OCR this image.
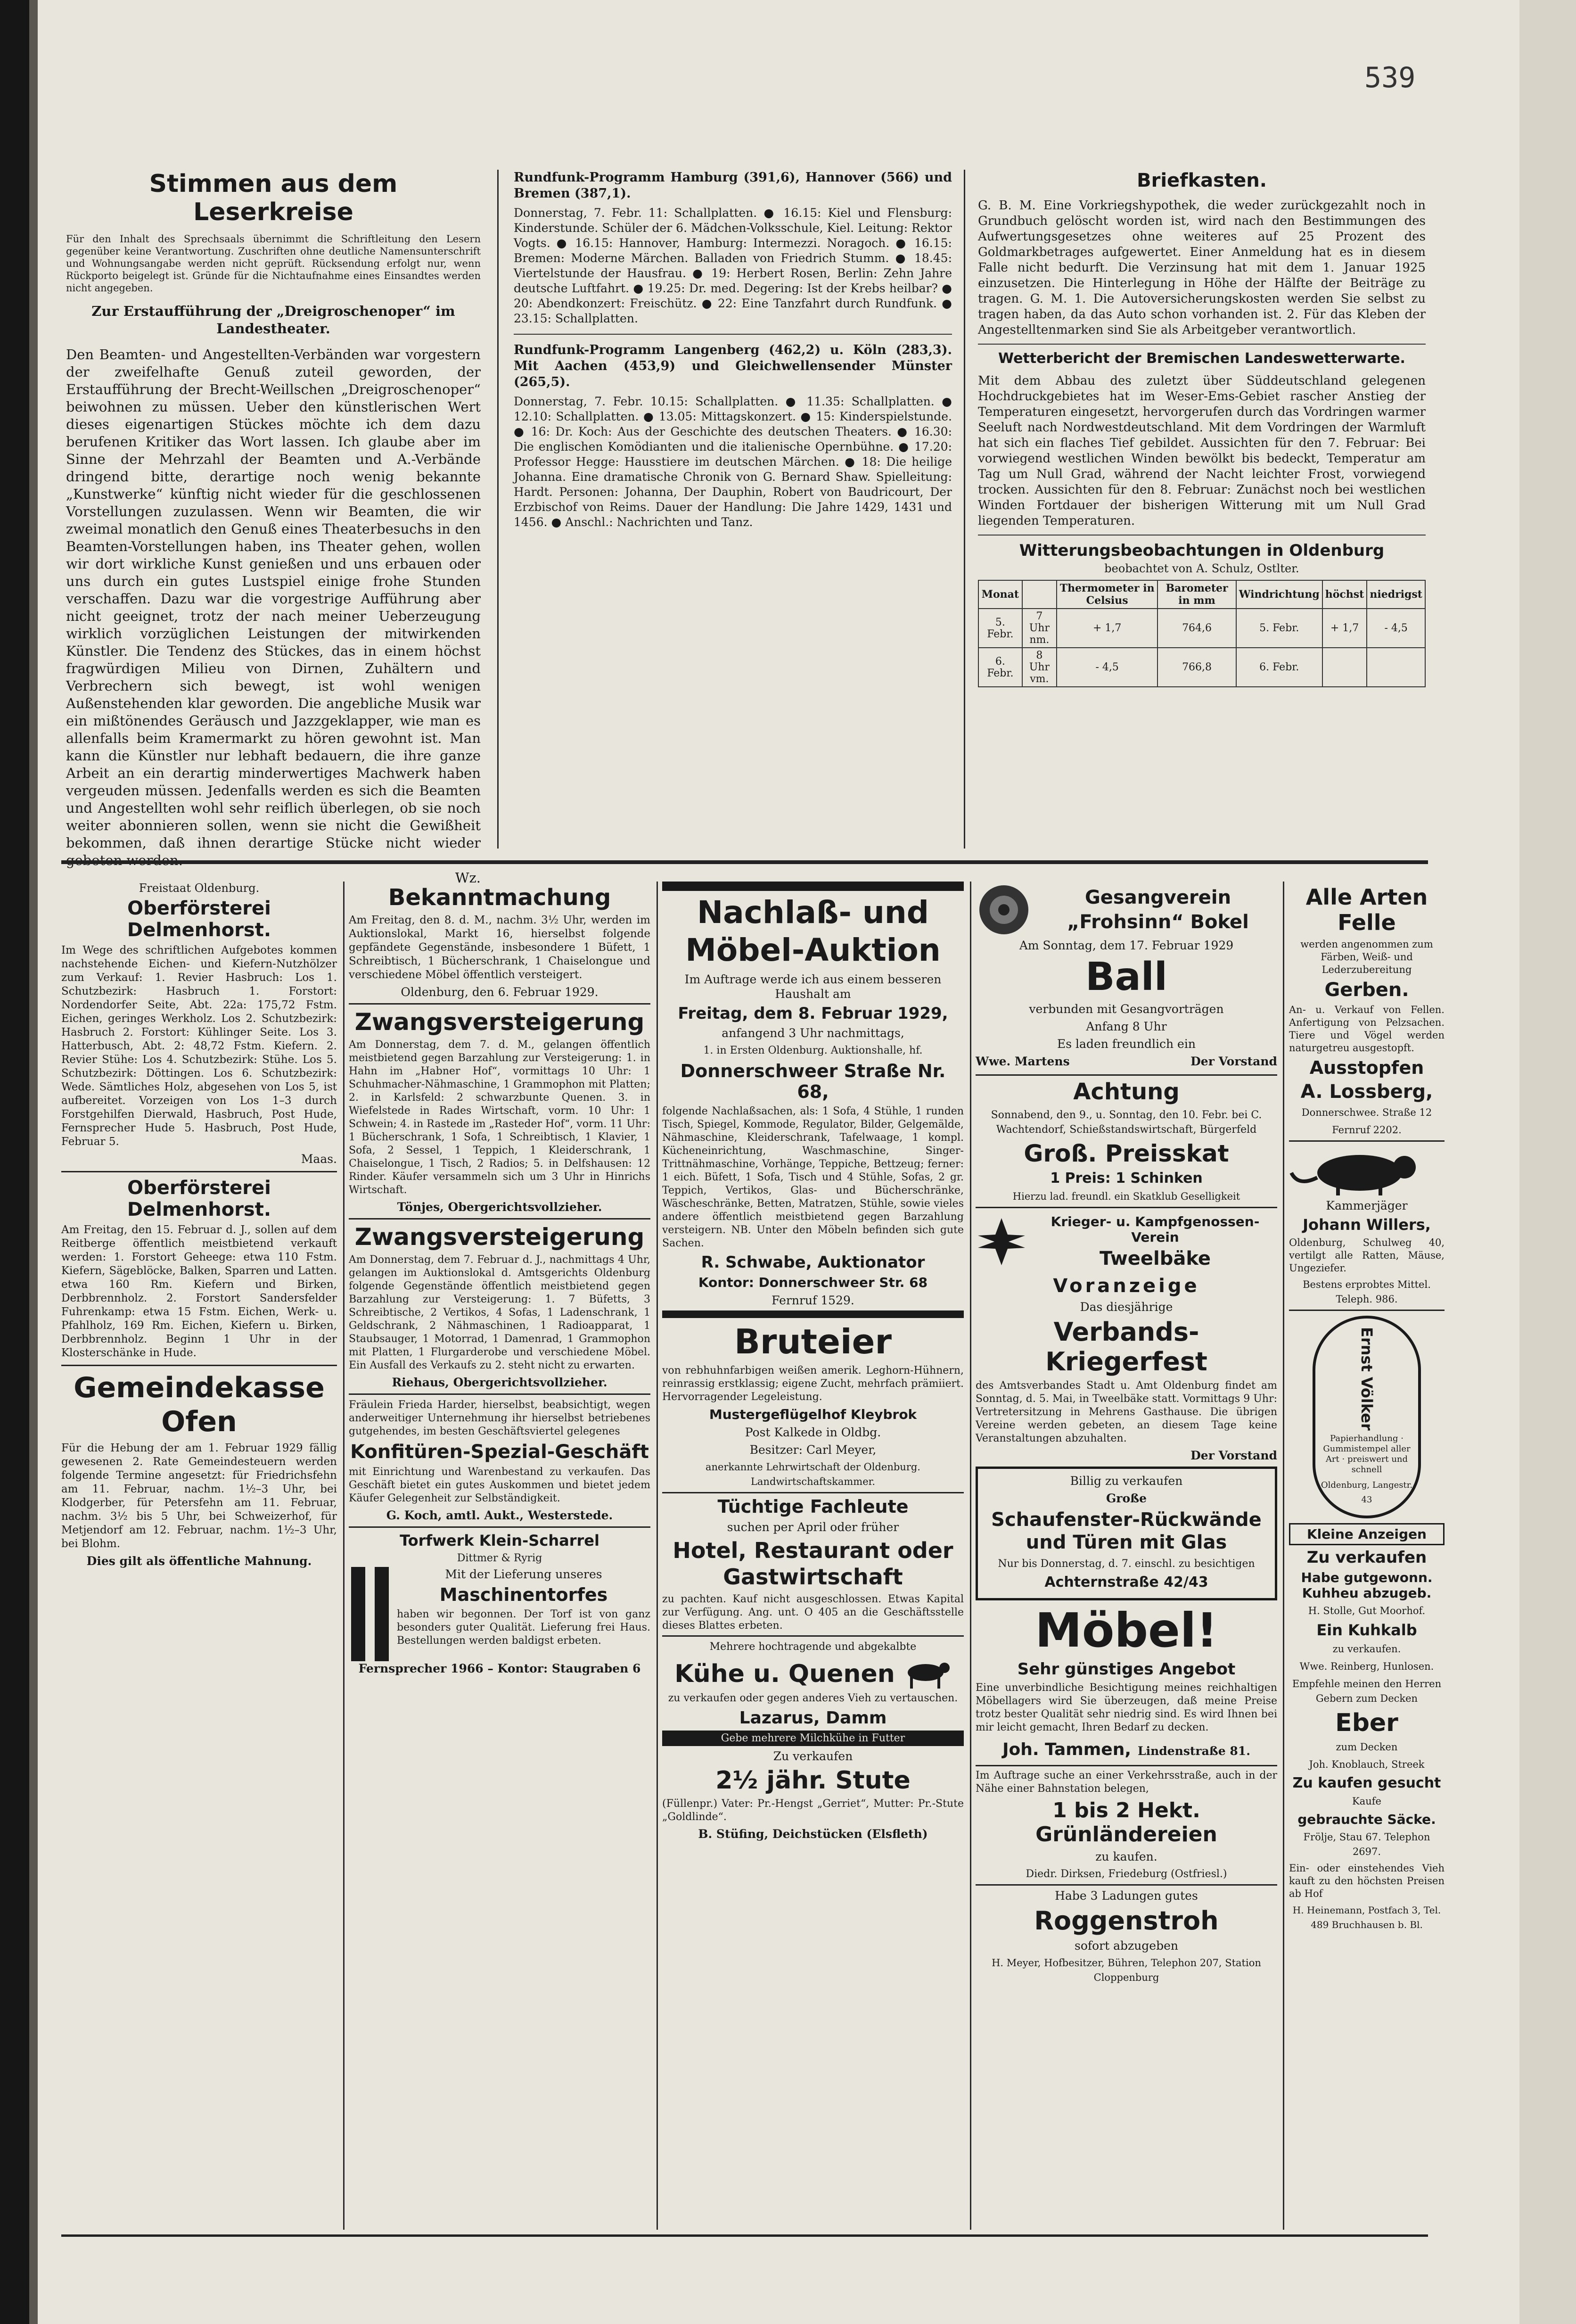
539
Stimmen aus dem Leserkreise

Für den Inhalt des Sprechsaals übernimmt die Schriftleitung den Lesern gegenüber keine Verantwortung. Zuschriften ohne deutliche Namensunterschrift und Wohnungsangabe werden nicht geprüft. Rücksendung erfolgt nur, wenn Rückporto beigelegt ist. Gründe für die Nichtaufnahme eines Einsandtes werden nicht angegeben.

Zur Erstaufführung der „Dreigroschenoper“ im Landestheater.

Den Beamten- und Angestellten-Verbänden war vorgestern der zweifelhafte Genuß zuteil geworden, der Erstaufführung der Brecht-Weillschen „Dreigroschenoper“ beiwohnen zu müssen. Ueber den künstlerischen Wert dieses eigenartigen Stückes möchte ich dem dazu berufenen Kritiker das Wort lassen. Ich glaube aber im Sinne der Mehrzahl der Beamten und A.-Verbände dringend bitte, derartige noch wenig bekannte „Kunstwerke“ künftig nicht wieder für die geschlossenen Vorstellungen zuzulassen. Wenn wir Beamten, die wir zweimal monatlich den Genuß eines Theaterbesuchs in den Beamten-Vorstellungen haben, ins Theater gehen, wollen wir dort wirkliche Kunst genießen und uns erbauen oder uns durch ein gutes Lustspiel einige frohe Stunden verschaffen. Dazu war die vorgestrige Aufführung aber nicht geeignet, trotz der nach meiner Ueberzeugung wirklich vorzüglichen Leistungen der mitwirkenden Künstler. Die Tendenz des Stückes, das in einem höchst fragwürdigen Milieu von Dirnen, Zuhältern und Verbrechern sich bewegt, ist wohl wenigen Außenstehenden klar geworden. Die angebliche Musik war ein mißtönendes Geräusch und Jazzgeklapper, wie man es allenfalls beim Kramermarkt zu hören gewohnt ist. Man kann die Künstler nur lebhaft bedauern, die ihre ganze Arbeit an ein derartig minderwertiges Machwerk haben vergeuden müssen. Jedenfalls werden es sich die Beamten und Angestellten wohl sehr reiflich überlegen, ob sie noch weiter abonnieren sollen, wenn sie nicht die Gewißheit bekommen, daß ihnen derartige Stücke nicht wieder

Wz.

Rundfunk-Programm Hamburg (391,6), Hannover (566) und Bremen (387,1).

Donnerstag, 7. Febr. 11: Schallplatten. ● 16.15: Kiel und Flensburg: Kinderstunde. Schüler der 6. Mädchen-Volksschule, Kiel. Leitung: Rektor Vogts. ● 16.15: Hannover, Hamburg: Intermezzi. Noragoch. ● 16.15: Bremen: Moderne Märchen. Balladen von Friedrich Stumm. ● 18.45: Viertelstunde der Hausfrau. ● 19: Herbert Rosen, Berlin: Zehn Jahre deutsche Luftfahrt. ● 19.25: Dr. med. Degering: Ist der Krebs heilbar? ● 20: Abendkonzert: Freischütz. ● 22: Eine Tanzfahrt durch Rundfunk. ● 23.15: Schallplatten.

Rundfunk-Programm Langenberg (462,2) u. Köln (283,3). Mit Aachen (453,9) und Gleichwellensender Münster (265,5).

Donnerstag, 7. Febr. 10.15: Schallplatten. ● 11.35: Schallplatten. ● 12.10: Schallplatten. ● 13.05: Mittagskonzert. ● 15: Kinderspielstunde. ● 16: Dr. Koch: Aus der Geschichte des deutschen Theaters. ● 16.30: Die englischen Komödianten und die italienische Opernbühne. ● 17.20: Professor Hegge: Hausstiere im deutschen Märchen. ● 18: Die heilige Johanna. Eine dramatische Chronik von G. Bernard Shaw. Spielleitung: Hardt. Personen: Johanna, Der Dauphin, Robert von Baudricourt, Der Erzbischof von Reims. Dauer der Handlung: Die Jahre 1429, 1431 und 1456. ● Anschl.: Nachrichten und Tanz.

Briefkasten.

G. B. M. Eine Vorkriegshypothek, die weder zurückgezahlt noch in Grundbuch gelöscht worden ist, wird nach den Bestimmungen des Aufwertungsgesetzes ohne weiteres auf 25 Prozent des Goldmarkbetrages aufgewertet. Einer Anmeldung hat es in diesem Falle nicht bedurft. Die Verzinsung hat mit dem 1. Januar 1925 einzusetzen. Die Hinterlegung in Höhe der Hälfte der Beiträge zu tragen. G. M. 1. Die Autoversicherungskosten werden Sie selbst zu tragen haben, da das Auto schon vorhanden ist. 2. Für das Kleben der Angestelltenmarken sind Sie als Arbeitgeber verantwortlich.

Wetterbericht der Bremischen Landeswetterwarte.

Mit dem Abbau des zuletzt über Süddeutschland gelegenen Hochdruckgebietes hat im Weser-Ems-Gebiet rascher Anstieg der Temperaturen eingesetzt, hervorgerufen durch das Vordringen warmer Seeluft nach Nordwestdeutschland. Mit dem Vordringen der Warmluft hat sich ein flaches Tief gebildet. Aussichten für den 7. Februar: Bei vorwiegend westlichen Winden bewölkt bis bedeckt, Temperatur am Tag um Null Grad, während der Nacht leichter Frost, vorwiegend trocken. Aussichten für den 8. Februar: Zunächst noch bei westlichen Winden Fortdauer der bisherigen Witterung mit um Null Grad liegenden Temperaturen.

Witterungsbeobachtungen in Oldenburg
beobachtet von A. Schulz, Ostlter.
Monat		Thermometer in Celsius	Barometer in mm	Windrichtung	höchst	niedrigst
5. Febr.	7 Uhr nm.	+ 1,7	764,6	5. Febr.	+ 1,7	- 4,5
6. Febr.	8 Uhr vm.	- 4,5	766,8	6. Febr.		
Freistaat Oldenburg.
Oberförsterei Delmenhorst.

Im Wege des schriftlichen Aufgebotes kommen nachstehende Eichen- und Kiefern-Nutzhölzer zum Verkauf: 1. Revier Hasbruch: Los 1. Schutzbezirk: Hasbruch 1. Forstort: Nordendorfer Seite, Abt. 22a: 175,72 Fstm. Eichen, geringes Werkholz. Los 2. Schutzbezirk: Hasbruch 2. Forstort: Kühlinger Seite. Los 3. Hatterbusch, Abt. 2: 48,72 Fstm. Kiefern. 2. Revier Stühe: Los 4. Schutzbezirk: Stühe. Los 5. Schutzbezirk: Döttingen. Los 6. Schutzbezirk: Wede. Sämtliches Holz, abgesehen von Los 5, ist aufbereitet. Vorzeigen von Los 1–3 durch Forstgehilfen Dierwald, Hasbruch, Post Hude, Fernsprecher Hude 5. Hasbruch, Post Hude, Februar 5.

Maas.

Oberförsterei Delmenhorst.

Am Freitag, den 15. Februar d. J., sollen auf dem Reitberge öffentlich meistbietend verkauft werden: 1. Forstort Geheege: etwa 110 Fstm. Kiefern, Sägeblöcke, Balken, Sparren und Latten. etwa 160 Rm. Kiefern und Birken, Derbbrennholz. 2. Forstort Sandersfelder Fuhrenkamp: etwa 15 Fstm. Eichen, Werk- u. Pfahlholz, 169 Rm. Eichen, Kiefern u. Birken, Derbbrennholz. Beginn 1 Uhr in der Klosterschänke in Hude.

Gemeindekasse Ofen

Für die Hebung der am 1. Februar 1929 fällig gewesenen 2. Rate Gemeindesteuern werden folgende Termine angesetzt: für Friedrichsfehn am 11. Februar, nachm. 1½–3 Uhr, bei Klodgerber, für Petersfehn am 11. Februar, nachm. 3½ bis 5 Uhr, bei Schweizerhof, für Metjendorf am 12. Februar, nachm. 1½–3 Uhr, bei Blohm.

Dies gilt als öffentliche Mahnung.

Bekanntmachung

Am Freitag, den 8. d. M., nachm. 3½ Uhr, werden im Auktionslokal, Markt 16, hierselbst folgende gepfändete Gegenstände, insbesondere 1 Büfett, 1 Schreibtisch, 1 Bücherschrank, 1 Chaiselongue und verschiedene Möbel öffentlich versteigert.

Oldenburg, den 6. Februar 1929.

Zwangsversteigerung

Am Donnerstag, dem 7. d. M., gelangen öffentlich meistbietend gegen Barzahlung zur Versteigerung: 1. in Hahn im „Habner Hof“, vormittags 10 Uhr: 1 Schuhmacher-Nähmaschine, 1 Grammophon mit Platten; 2. in Karlsfeld: 2 schwarzbunte Quenen. 3. in Wiefelstede in Rades Wirtschaft, vorm. 10 Uhr: 1 Schwein; 4. in Rastede im „Rasteder Hof“, vorm. 11 Uhr: 1 Bücherschrank, 1 Sofa, 1 Schreibtisch, 1 Klavier, 1 Sofa, 2 Sessel, 1 Teppich, 1 Kleiderschrank, 1 Chaiselongue, 1 Tisch, 2 Radios; 5. in Delfshausen: 12 Rinder. Käufer versammeln sich um 3 Uhr in Hinrichs Wirtschaft.

Tönjes, Obergerichtsvollzieher.

Zwangsversteigerung

Am Donnerstag, dem 7. Februar d. J., nachmittags 4 Uhr, gelangen im Auktionslokal d. Amtsgerichts Oldenburg folgende Gegenstände öffentlich meistbietend gegen Barzahlung zur Versteigerung: 1. 7 Büfetts, 3 Schreibtische, 2 Vertikos, 4 Sofas, 1 Ladenschrank, 1 Geldschrank, 2 Nähmaschinen, 1 Radioapparat, 1 Staubsauger, 1 Motorrad, 1 Damenrad, 1 Grammophon mit Platten, 1 Flurgarderobe und verschiedene Möbel. Ein Ausfall des Verkaufs zu 2. steht nicht zu erwarten.

Riehaus, Obergerichtsvollzieher.

Fräulein Frieda Harder, hierselbst, beabsichtigt, wegen anderweitiger Unternehmung ihr hierselbst betriebenes gutgehendes, im besten Geschäftsviertel gelegenes

Konfitüren-Spezial-Geschäft

mit Einrichtung und Warenbestand zu verkaufen. Das Geschäft bietet ein gutes Auskommen und bietet jedem Käufer Gelegenheit zur Selbständigkeit.

G. Koch, amtl. Aukt., Westerstede.

Torfwerk Klein-Scharrel
Dittmer & Ryrig

Mit der Lieferung unseres

Maschinentorfes

haben wir begonnen. Der Torf ist von ganz besonders guter Qualität. Lieferung frei Haus. Bestellungen werden baldigst erbeten.

Fernsprecher 1966 – Kontor: Staugraben 6

Nachlaß- und Möbel-Auktion

Im Auftrage werde ich aus einem besseren Haushalt am

Freitag, dem 8. Februar 1929,

anfangend 3 Uhr nachmittags,

1. in Ersten Oldenburg. Auktionshalle, hf.

Donnerschweer Straße Nr. 68,

folgende Nachlaßsachen, als: 1 Sofa, 4 Stühle, 1 runden Tisch, Spiegel, Kommode, Regulator, Bilder, Gelgemälde, Nähmaschine, Kleiderschrank, Tafelwaage, 1 kompl. Kücheneinrichtung, Waschmaschine, Singer-Trittnähmaschine, Vorhänge, Teppiche, Bettzeug; ferner: 1 eich. Büfett, 1 Sofa, Tisch und 4 Stühle, Sofas, 2 gr. Teppich, Vertikos, Glas- und Bücherschränke, Wäscheschränke, Betten, Matratzen, Stühle, sowie vieles andere öffentlich meistbietend gegen Barzahlung versteigern. NB. Unter den Möbeln befinden sich gute Sachen.

R. Schwabe, Auktionator
Kontor: Donnerschweer Str. 68

Fernruf 1529.

Bruteier

von rebhuhnfarbigen weißen amerik. Leghorn-Hühnern, reinrassig erstklassig; eigene Zucht, mehrfach prämiiert. Hervorragender Legeleistung.

Mustergeflügelhof Kleybrok

Post Kalkede in Oldbg.

Besitzer: Carl Meyer,

anerkannte Lehrwirtschaft der Oldenburg. Landwirtschaftskammer.

Tüchtige Fachleute

suchen per April oder früher

Hotel, Restaurant oder Gastwirtschaft

zu pachten. Kauf nicht ausgeschlossen. Etwas Kapital zur Verfügung. Ang. unt. O 405 an die Geschäftsstelle dieses Blattes erbeten.

Mehrere hochtragende und abgekalbte

Kühe u. Quenen

zu verkaufen oder gegen anderes Vieh zu vertauschen.

Lazarus, Damm
Gebe mehrere Milchkühe in Futter

Zu verkaufen

2½ jähr. Stute

(Füllenpr.) Vater: Pr.-Hengst „Gerriet“, Mutter: Pr.-Stute „Goldlinde“.

B. Stüfing, Deichstücken (Elsfleth)

Gesangverein
„Frohsinn“ Bokel

Am Sonntag, dem 17. Februar 1929

Ball

verbunden mit Gesangvorträgen

Anfang 8 Uhr

Es laden freundlich ein

Wwe. Martens	Der Vorstand
Achtung

Sonnabend, den 9., u. Sonntag, den 10. Febr. bei C. Wachtendorf, Schießstandswirtschaft, Bürgerfeld

Groß. Preisskat
1 Preis: 1 Schinken

Hierzu lad. freundl. ein Skatklub Geselligkeit

Krieger- u. Kampfgenossen-Verein
Tweelbäke
Voranzeige

Das diesjährige

Verbands-Kriegerfest

des Amtsverbandes Stadt u. Amt Oldenburg findet am Sonntag, d. 5. Mai, in Tweelbäke statt. Vormittags 9 Uhr: Vertretersitzung in Mehrens Gasthause. Die übrigen Vereine werden gebeten, an diesem Tage keine Veranstaltungen abzuhalten.

Der Vorstand

Billig zu verkaufen

Große

Schaufenster-Rückwände und Türen mit Glas

Nur bis Donnerstag, d. 7. einschl. zu besichtigen

Achternstraße 42/43
Möbel!
Sehr günstiges Angebot

Eine unverbindliche Besichtigung meines reichhaltigen Möbellagers wird Sie überzeugen, daß meine Preise trotz bester Qualität sehr niedrig sind. Es wird Ihnen bei mir leicht gemacht, Ihren Bedarf zu decken.

Joh. Tammen, Lindenstraße 81.

Im Auftrage suche an einer Verkehrsstraße, auch in der Nähe einer Bahnstation belegen,

1 bis 2 Hekt. Grünländereien

zu kaufen.

Diedr. Dirksen, Friedeburg (Ostfriesl.)

Habe 3 Ladungen gutes

Roggenstroh

sofort abzugeben

H. Meyer, Hofbesitzer, Bühren, Telephon 207, Station Cloppenburg

Alle Arten Felle

werden angenommen zum Färben, Weiß- und Lederzubereitung

Gerben.

An- u. Verkauf von Fellen. Anfertigung von Pelzsachen. Tiere und Vögel werden naturgetreu ausgestopft.

Ausstopfen
A. Lossberg,

Donnerschwee. Straße 12

Fernruf 2202.

Kammerjäger

Johann Willers,

Oldenburg, Schulweg 40, vertilgt alle Ratten, Mäuse, Ungeziefer.

Bestens erprobtes Mittel. Teleph. 986.

Ernst Völker

Papierhandlung · Gummistempel aller Art · preiswert und schnell

Oldenburg, Langestr. 43

Kleine Anzeigen
Zu verkaufen
Habe gutgewonn. Kuhheu abzugeb.

H. Stolle, Gut Moorhof.

Ein Kuhkalb

zu verkaufen.

Wwe. Reinberg, Hunlosen.

Empfehle meinen den Herren Gebern zum Decken

Eber

zum Decken

Joh. Knoblauch, Streek

Zu kaufen gesucht

Kaufe

gebrauchte Säcke.

Frölje, Stau 67. Telephon 2697.

Ein- oder einstehendes Vieh kauft zu den höchsten Preisen ab Hof

H. Heinemann, Postfach 3, Tel. 489 Bruchhausen b. Bl.
